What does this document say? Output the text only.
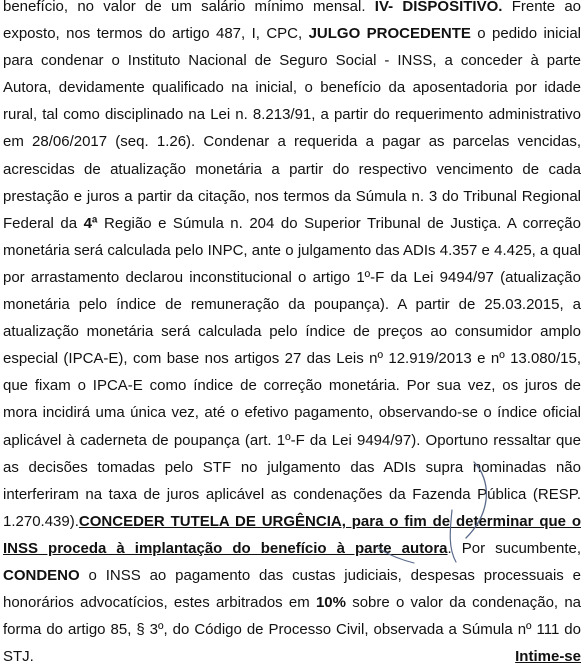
benefício, no valor de um salário mínimo mensal. IV- DISPOSITIVO. Frente ao exposto, nos termos do artigo 487, I, CPC, JULGO PROCEDENTE o pedido inicial para condenar o Instituto Nacional de Seguro Social - INSS, a conceder à parte Autora, devidamente qualificado na inicial, o benefício da aposentadoria por idade rural, tal como disciplinado na Lei n. 8.213/91, a partir do requerimento administrativo em 28/06/2017 (seq. 1.26). Condenar a requerida a pagar as parcelas vencidas, acrescidas de atualização monetária a partir do respectivo vencimento de cada prestação e juros a partir da citação, nos termos da Súmula n. 3 do Tribunal Regional Federal da 4ª Região e Súmula n. 204 do Superior Tribunal de Justiça. A correção monetária será calculada pelo INPC, ante o julgamento das ADIs 4.357 e 4.425, a qual por arrastamento declarou inconstitucional o artigo 1º-F da Lei 9494/97 (atualização monetária pelo índice de remuneração da poupança). A partir de 25.03.2015, a atualização monetária será calculada pelo índice de preços ao consumidor amplo especial (IPCA-E), com base nos artigos 27 das Leis nº 12.919/2013 e nº 13.080/15, que fixam o IPCA-E como índice de correção monetária. Por sua vez, os juros de mora incidirá uma única vez, até o efetivo pagamento, observando-se o índice oficial aplicável à caderneta de poupança (art. 1º-F da Lei 9494/97). Oportuno ressaltar que as decisões tomadas pelo STF no julgamento das ADIs supra nominadas não interferiram na taxa de juros aplicável as condenações da Fazenda Pública (RESP. 1.270.439).CONCEDER TUTELA DE URGÊNCIA, para o fim de determinar que o INSS proceda à implantação do benefício à parte autora. Por sucumbente, CONDENO o INSS ao pagamento das custas judiciais, despesas processuais e honorários advocatícios, estes arbitrados em 10% sobre o valor da condenação, na forma do artigo 85, § 3º, do Código de Processo Civil, observada a Súmula nº 111 do STJ. Intime-se
